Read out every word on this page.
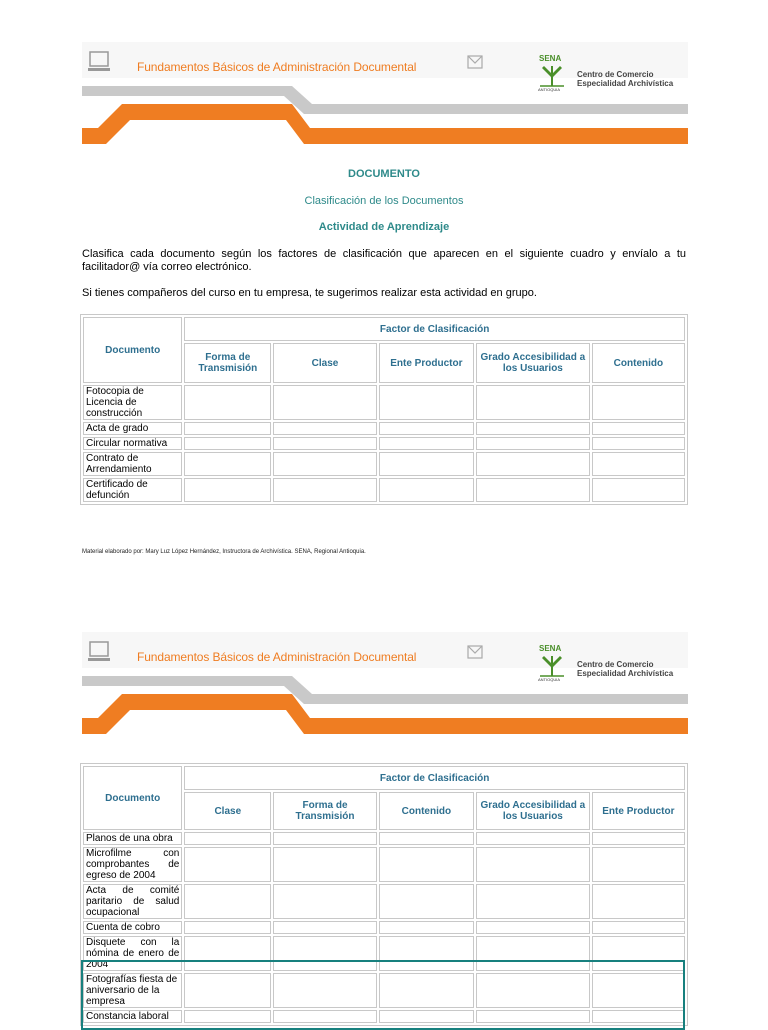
Fundamentos Básicos de Administración Documental
SENA
ANTIOQUIA
Centro de Comercio
Especialidad Archivística
DOCUMENTO
Clasificación de los Documentos
Actividad de Aprendizaje
Clasifica cada documento según los factores de clasificación que aparecen en el siguiente cuadro y envíalo a tu facilitador@ vía correo electrónico.
Si tienes compañeros del curso en tu empresa, te sugerimos realizar esta actividad en grupo.
Documento	Factor de Clasificación				
	Forma de Transmisión	Clase	Ente Productor	Grado Accesibilidad a los Usuarios	Contenido
Fotocopia de Licencia de construcción					
Acta de grado					
Circular normativa					
Contrato de Arrendamiento					
Certificado de defunción					
Material elaborado por: Mary Luz López Hernández, Instructora de Archivística. SENA, Regional Antioquia.
Fundamentos Básicos de Administración Documental
SENA
ANTIOQUIA
Centro de Comercio
Especialidad Archivística
Documento	Factor de Clasificación				
	Clase	Forma de Transmisión	Contenido	Grado Accesibilidad a los Usuarios	Ente Productor
Planos de una obra					
Microfilme con comprobantes de egreso de 2004					
Acta de comité paritario de salud ocupacional					
Cuenta de cobro					
Disquete con la nómina de enero de 2004					
Fotografías fiesta de aniversario de la empresa					
Constancia laboral					
